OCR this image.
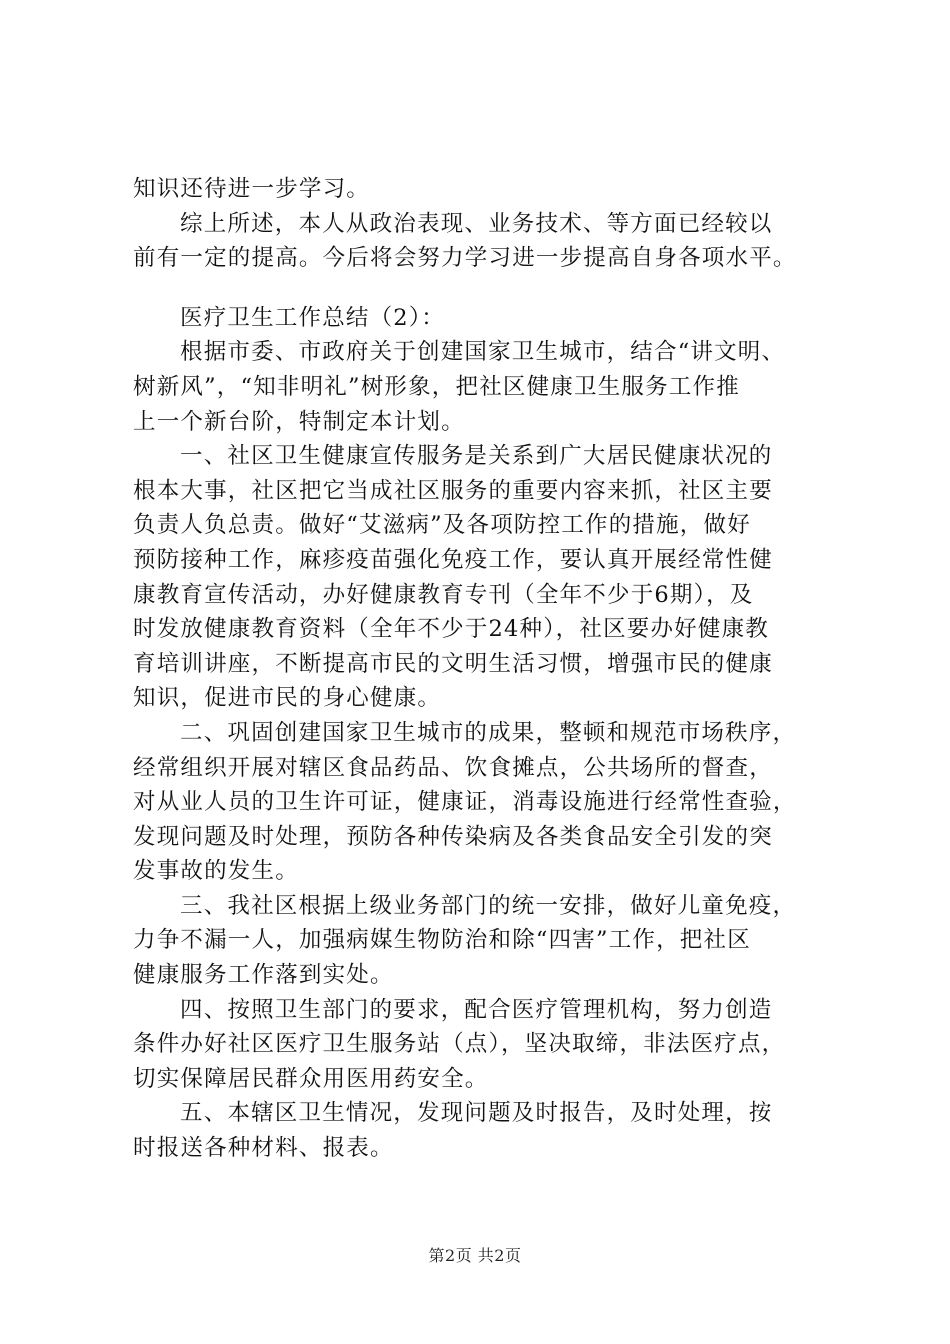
知识还待进一步学习。
综上所述，本人从政治表现、业务技术、等方面已经较以
前有一定的提高。今后将会努力学习进一步提高自身各项水平。
医疗卫生工作总结（2）：
根据市委、市政府关于创建国家卫生城市，结合“讲文明、
树新风”，“知非明礼”树形象，把社区健康卫生服务工作推
上一个新台阶，特制定本计划。
一、社区卫生健康宣传服务是关系到广大居民健康状况的
根本大事，社区把它当成社区服务的重要内容来抓，社区主要
负责人负总责。做好“艾滋病”及各项防控工作的措施，做好
预防接种工作，麻疹疫苗强化免疫工作，要认真开展经常性健
康教育宣传活动，办好健康教育专刊（全年不少于6期），及
时发放健康教育资料（全年不少于24种），社区要办好健康教
育培训讲座，不断提高市民的文明生活习惯，增强市民的健康
知识，促进市民的身心健康。
二、巩固创建国家卫生城市的成果，整顿和规范市场秩序，
经常组织开展对辖区食品药品、饮食摊点，公共场所的督查，
对从业人员的卫生许可证，健康证，消毒设施进行经常性查验，
发现问题及时处理，预防各种传染病及各类食品安全引发的突
发事故的发生。
三、我社区根据上级业务部门的统一安排，做好儿童免疫，
力争不漏一人，加强病媒生物防治和除“四害”工作，把社区
健康服务工作落到实处。
四、按照卫生部门的要求，配合医疗管理机构，努力创造
条件办好社区医疗卫生服务站（点），坚决取缔，非法医疗点，
切实保障居民群众用医用药安全。
五、本辖区卫生情况，发现问题及时报告，及时处理，按
时报送各种材料、报表。
第2页 共2页
